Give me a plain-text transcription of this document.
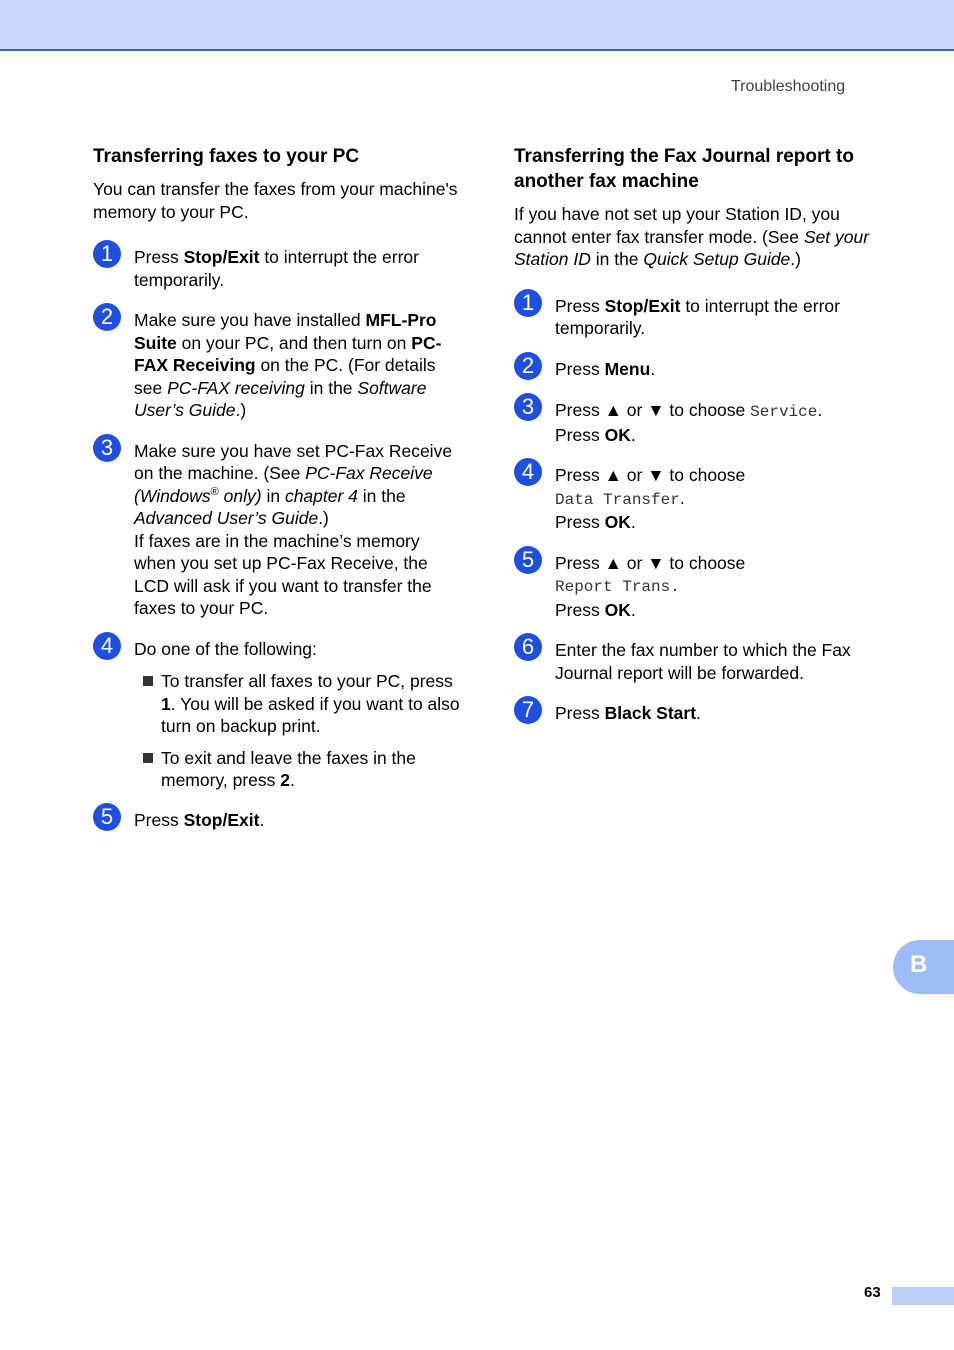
Troubleshooting
Transferring faxes to your PC

You can transfer the faxes from your machine's memory to your PC.

1	Press Stop/Exit to interrupt the error temporarily.
2	Make sure you have installed MFL-Pro Suite on your PC, and then turn on PC-FAX Receiving on the PC. (For details see PC-FAX receiving in the Software User’s Guide.)
3	Make sure you have set PC-Fax Receive on the machine. (See PC-Fax Receive (Windows® only) in chapter 4 in the Advanced User’s Guide.)
If faxes are in the machine’s memory when you set up PC-Fax Receive, the LCD will ask if you want to transfer the faxes to your PC.
4	Do one of the following:
To transfer all faxes to your PC, press 1. You will be asked if you want to also turn on backup print.
To exit and leave the faxes in the memory, press 2.
5	Press Stop/Exit.
Transferring the Fax Journal report to another fax machine

If you have not set up your Station ID, you cannot enter fax transfer mode. (See Set your Station ID in the Quick Setup Guide.)

1	Press Stop/Exit to interrupt the error temporarily.
2	Press Menu.
3	Press ▲ or ▼ to choose Service.
Press OK.
4	Press ▲ or ▼ to choose
Data Transfer.
Press OK.
5	Press ▲ or ▼ to choose
Report Trans.
Press OK.
6	Enter the fax number to which the Fax Journal report will be forwarded.
7	Press Black Start.
B
63
